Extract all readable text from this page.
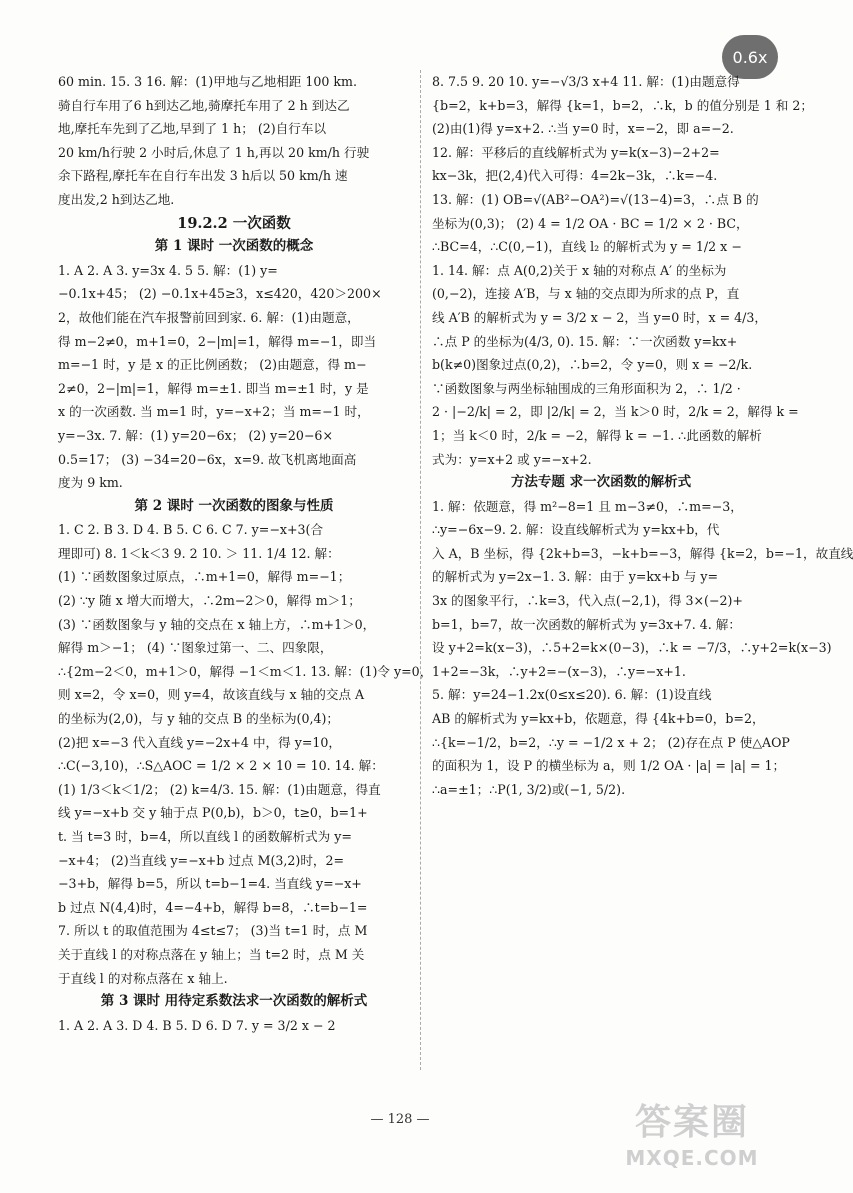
0.6x
60 min. 15. 3 16. 解：(1)甲地与乙地相距 100 km.
骑自行车用了6 h到达乙地,骑摩托车用了 2 h 到达乙
地,摩托车先到了乙地,早到了 1 h； (2)自行车以
20 km/h行驶 2 小时后,休息了 1 h,再以 20 km/h 行驶
余下路程,摩托车在自行车出发 3 h后以 50 km/h 速
度出发,2 h到达乙地.
19.2.2 一次函数
第 1 课时 一次函数的概念
1. A 2. A 3. y=3x 4. 5 5. 解：(1) y=
−0.1x+45； (2) −0.1x+45≥3，x≤420，420＞200×
2，故他们能在汽车报警前回到家. 6. 解：(1)由题意，
得 m−2≠0，m+1=0，2−|m|=1，解得 m=−1，即当
m=−1 时，y 是 x 的正比例函数； (2)由题意，得 m−
2≠0，2−|m|=1，解得 m=±1. 即当 m=±1 时，y 是
x 的一次函数. 当 m=1 时，y=−x+2；当 m=−1 时，
y=−3x. 7. 解：(1) y=20−6x； (2) y=20−6×
0.5=17； (3) −34=20−6x，x=9. 故飞机离地面高
度为 9 km.
第 2 课时 一次函数的图象与性质
1. C 2. B 3. D 4. B 5. C 6. C 7. y=−x+3(合
理即可) 8. 1＜k＜3 9. 2 10. ＞ 11. 1/4 12. 解：
(1) ∵函数图象过原点，∴m+1=0，解得 m=−1；
(2) ∵y 随 x 增大而增大，∴2m−2＞0，解得 m＞1；
(3) ∵函数图象与 y 轴的交点在 x 轴上方，∴m+1＞0，
解得 m＞−1； (4) ∵图象过第一、二、四象限，
∴{2m−2＜0，m+1＞0，解得 −1＜m＜1. 13. 解：(1)令 y=0，
则 x=2，令 x=0，则 y=4，故该直线与 x 轴的交点 A
的坐标为(2,0)，与 y 轴的交点 B 的坐标为(0,4)；
(2)把 x=−3 代入直线 y=−2x+4 中，得 y=10，
∴C(−3,10)，∴S△AOC = 1/2 × 2 × 10 = 10. 14. 解：
(1) 1/3＜k＜1/2； (2) k=4/3. 15. 解：(1)由题意，得直
线 y=−x+b 交 y 轴于点 P(0,b)，b＞0，t≥0，b=1+
t. 当 t=3 时，b=4，所以直线 l 的函数解析式为 y=
−x+4； (2)当直线 y=−x+b 过点 M(3,2)时，2=
−3+b，解得 b=5，所以 t=b−1=4. 当直线 y=−x+
b 过点 N(4,4)时，4=−4+b，解得 b=8，∴t=b−1=
7. 所以 t 的取值范围为 4≤t≤7； (3)当 t=1 时，点 M
关于直线 l 的对称点落在 y 轴上；当 t=2 时，点 M 关
于直线 l 的对称点落在 x 轴上.
第 3 课时 用待定系数法求一次函数的解析式
1. A 2. A 3. D 4. B 5. D 6. D 7. y = 3/2 x − 2
8. 7.5 9. 20 10. y=−√3/3 x+4 11. 解：(1)由题意得
{b=2，k+b=3，解得 {k=1，b=2，∴k，b 的值分别是 1 和 2；
(2)由(1)得 y=x+2. ∴当 y=0 时，x=−2，即 a=−2.
12. 解：平移后的直线解析式为 y=k(x−3)−2+2=
kx−3k，把(2,4)代入可得：4=2k−3k，∴k=−4.
13. 解：(1) OB=√(AB²−OA²)=√(13−4)=3，∴点 B 的
坐标为(0,3)； (2) 4 = 1/2 OA · BC = 1/2 × 2 · BC，
∴BC=4，∴C(0,−1)，直线 l₂ 的解析式为 y = 1/2 x −
1. 14. 解：点 A(0,2)关于 x 轴的对称点 A′ 的坐标为
(0,−2)，连接 A′B，与 x 轴的交点即为所求的点 P，直
线 A′B 的解析式为 y = 3/2 x − 2，当 y=0 时，x = 4/3，
∴点 P 的坐标为(4/3, 0). 15. 解：∵一次函数 y=kx+
b(k≠0)图象过点(0,2)，∴b=2，令 y=0，则 x = −2/k.
∵函数图象与两坐标轴围成的三角形面积为 2，∴ 1/2 ·
2 · |−2/k| = 2，即 |2/k| = 2，当 k＞0 时，2/k = 2，解得 k =
1；当 k＜0 时，2/k = −2，解得 k = −1. ∴此函数的解析
式为：y=x+2 或 y=−x+2.
方法专题 求一次函数的解析式
1. 解：依题意，得 m²−8=1 且 m−3≠0，∴m=−3，
∴y=−6x−9. 2. 解：设直线解析式为 y=kx+b，代
入 A，B 坐标，得 {2k+b=3，−k+b=−3，解得 {k=2，b=−1，故直线
的解析式为 y=2x−1. 3. 解：由于 y=kx+b 与 y=
3x 的图象平行，∴k=3，代入点(−2,1)，得 3×(−2)+
b=1，b=7，故一次函数的解析式为 y=3x+7. 4. 解：
设 y+2=k(x−3)，∴5+2=k×(0−3)，∴k = −7/3，∴y+2=k(x−3)
1+2=−3k，∴y+2=−(x−3)，∴y=−x+1.
5. 解：y=24−1.2x(0≤x≤20). 6. 解：(1)设直线
AB 的解析式为 y=kx+b，依题意，得 {4k+b=0，b=2，
∴{k=−1/2，b=2，∴y = −1/2 x + 2； (2)存在点 P 使△AOP
的面积为 1，设 P 的横坐标为 a，则 1/2 OA · |a| = |a| = 1；
∴a=±1；∴P(1, 3/2)或(−1, 5/2).
— 128 —	答案圈
MXQE.COM
